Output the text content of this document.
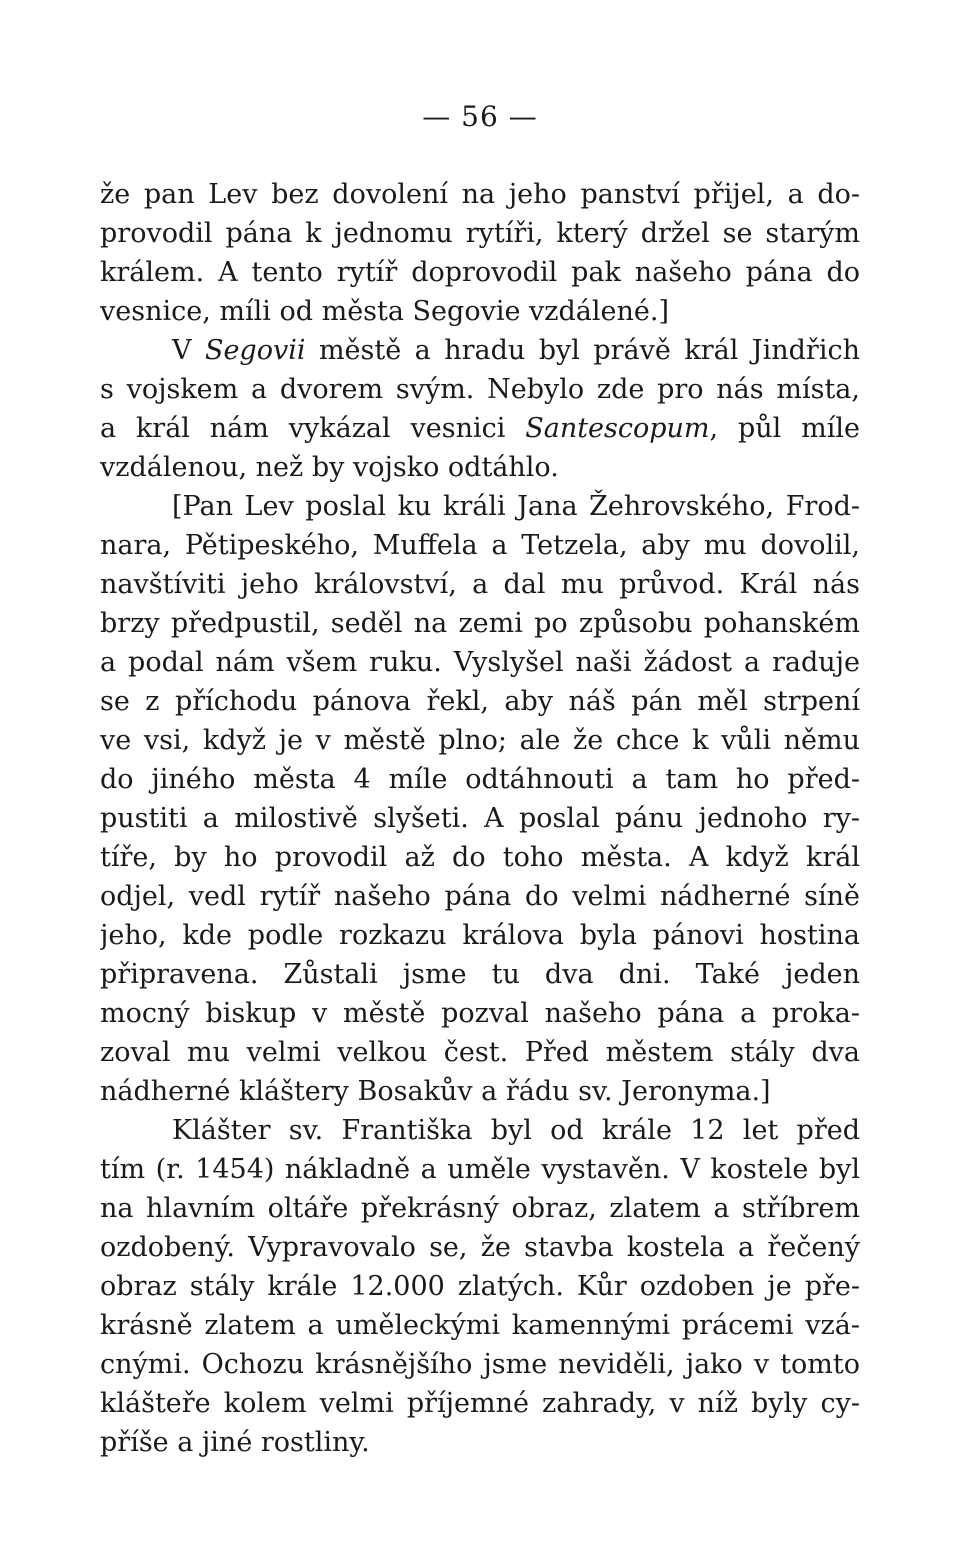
— 56 —
že pan Lev bez dovolení na jeho panství přijel, a do-
provodil pána k jednomu rytíři, který držel se starým
králem. A tento rytíř doprovodil pak našeho pána do
vesnice, míli od města Segovie vzdálené.]
V Segovii městě a hradu byl právě král Jindřich
s vojskem a dvorem svým. Nebylo zde pro nás místa,
a král nám vykázal vesnici Santescopum, půl míle
vzdálenou, než by vojsko odtáhlo.
[Pan Lev poslal ku králi Jana Žehrovského, Frod-
nara, Pětipeského, Muffela a Tetzela, aby mu dovolil,
navštíviti jeho království, a dal mu průvod. Král nás
brzy předpustil, seděl na zemi po způsobu pohanském
a podal nám všem ruku. Vyslyšel naši žádost a raduje
se z příchodu pánova řekl, aby náš pán měl strpení
ve vsi, když je v městě plno; ale že chce k vůli němu
do jiného města 4 míle odtáhnouti a tam ho před-
pustiti a milostivě slyšeti. A poslal pánu jednoho ry-
tíře, by ho provodil až do toho města. A když král
odjel, vedl rytíř našeho pána do velmi nádherné síně
jeho, kde podle rozkazu králova byla pánovi hostina
připravena. Zůstali jsme tu dva dni. Také jeden
mocný biskup v městě pozval našeho pána a proka-
zoval mu velmi velkou čest. Před městem stály dva
nádherné kláštery Bosakův a řádu sv. Jeronyma.]
Klášter sv. Františka byl od krále 12 let před
tím (r. 1454) nákladně a uměle vystavěn. V kostele byl
na hlavním oltáře překrásný obraz, zlatem a stříbrem
ozdobený. Vypravovalo se, že stavba kostela a řečený
obraz stály krále 12.000 zlatých. Kůr ozdoben je pře-
krásně zlatem a uměleckými kamennými prácemi vzá-
cnými. Ochozu krásnějšího jsme neviděli, jako v tomto
klášteře kolem velmi příjemné zahrady, v níž byly cy-
příše a jiné rostliny.
